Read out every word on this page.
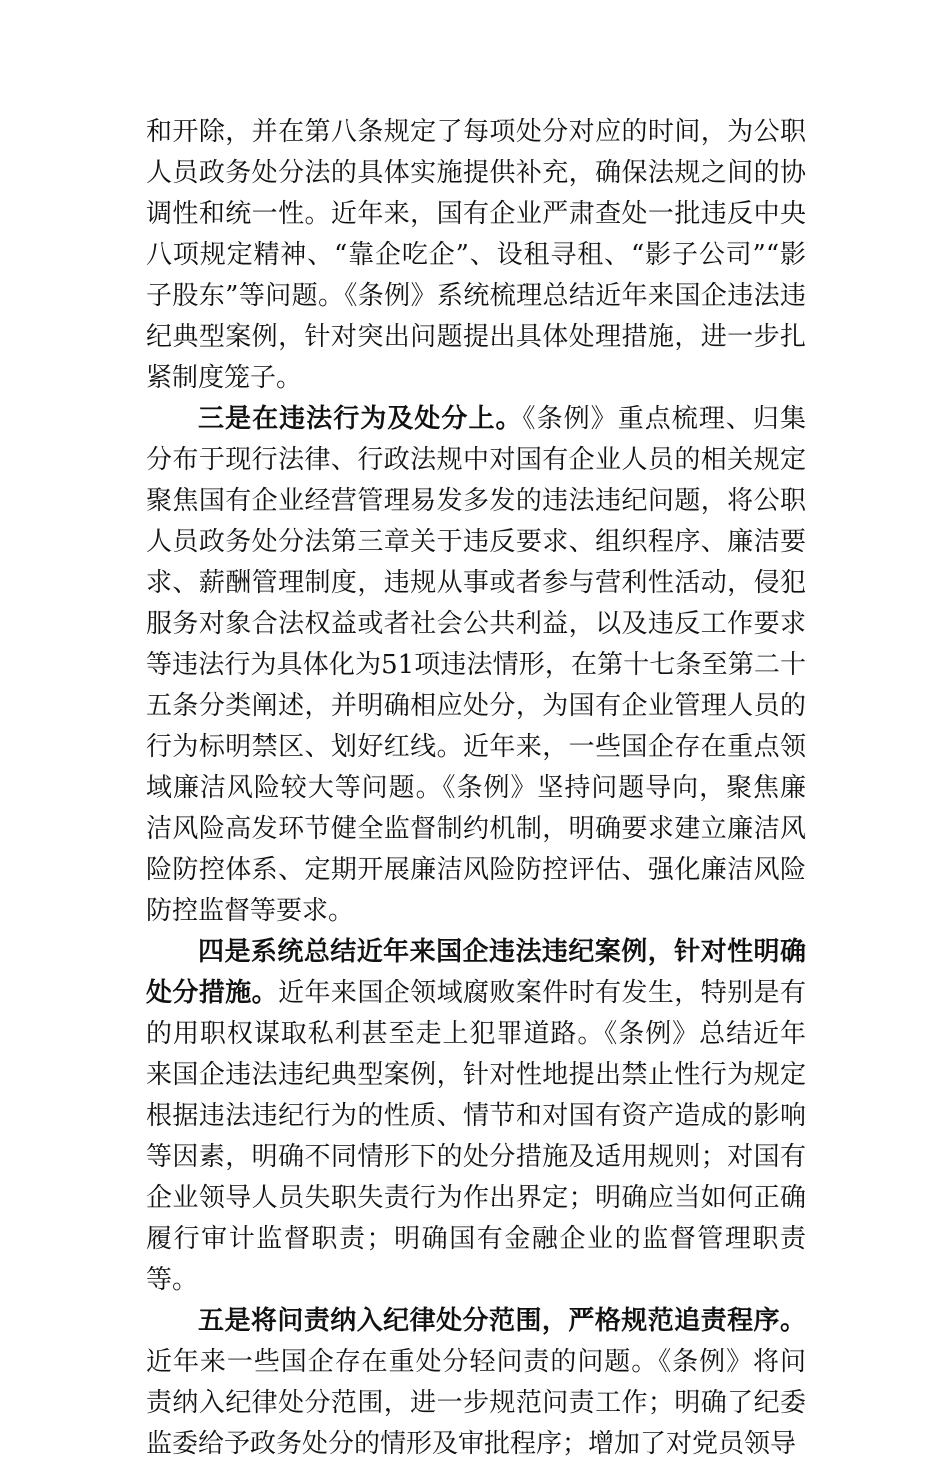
和开除，并在第八条规定了每项处分对应的时间，为公职人员政务处分法的具体实施提供补充，确保法规之间的协调性和统一性。近年来，国有企业严肃查处一批违反中央八项规定精神、“靠企吃企”、设租寻租、“影子公司”“影子股东”等问题。《条例》系统梳理总结近年来国企违法违纪典型案例，针对突出问题提出具体处理措施，进一步扎紧制度笼子。

三是在违法行为及处分上。《条例》重点梳理、归集分布于现行法律、行政法规中对国有企业人员的相关规定聚焦国有企业经营管理易发多发的违法违纪问题，将公职人员政务处分法第三章关于违反要求、组织程序、廉洁要求、薪酬管理制度，违规从事或者参与营利性活动，侵犯服务对象合法权益或者社会公共利益，以及违反工作要求等违法行为具体化为51项违法情形，在第十七条至第二十五条分类阐述，并明确相应处分，为国有企业管理人员的行为标明禁区、划好红线。近年来，一些国企存在重点领域廉洁风险较大等问题。《条例》坚持问题导向，聚焦廉洁风险高发环节健全监督制约机制，明确要求建立廉洁风险防控体系、定期开展廉洁风险防控评估、强化廉洁风险防控监督等要求。

四是系统总结近年来国企违法违纪案例，针对性明确处分措施。近年来国企领域腐败案件时有发生，特别是有的用职权谋取私利甚至走上犯罪道路。《条例》总结近年来国企违法违纪典型案例，针对性地提出禁止性行为规定根据违法违纪行为的性质、情节和对国有资产造成的影响等因素，明确不同情形下的处分措施及适用规则；对国有企业领导人员失职失责行为作出界定；明确应当如何正确履行审计监督职责；明确国有金融企业的监督管理职责等。

五是将问责纳入纪律处分范围，严格规范追责程序。近年来一些国企存在重处分轻问责的问题。《条例》将问责纳入纪律处分范围，进一步规范问责工作；明确了纪委监委给予政务处分的情形及审批程序；增加了对党员领导
